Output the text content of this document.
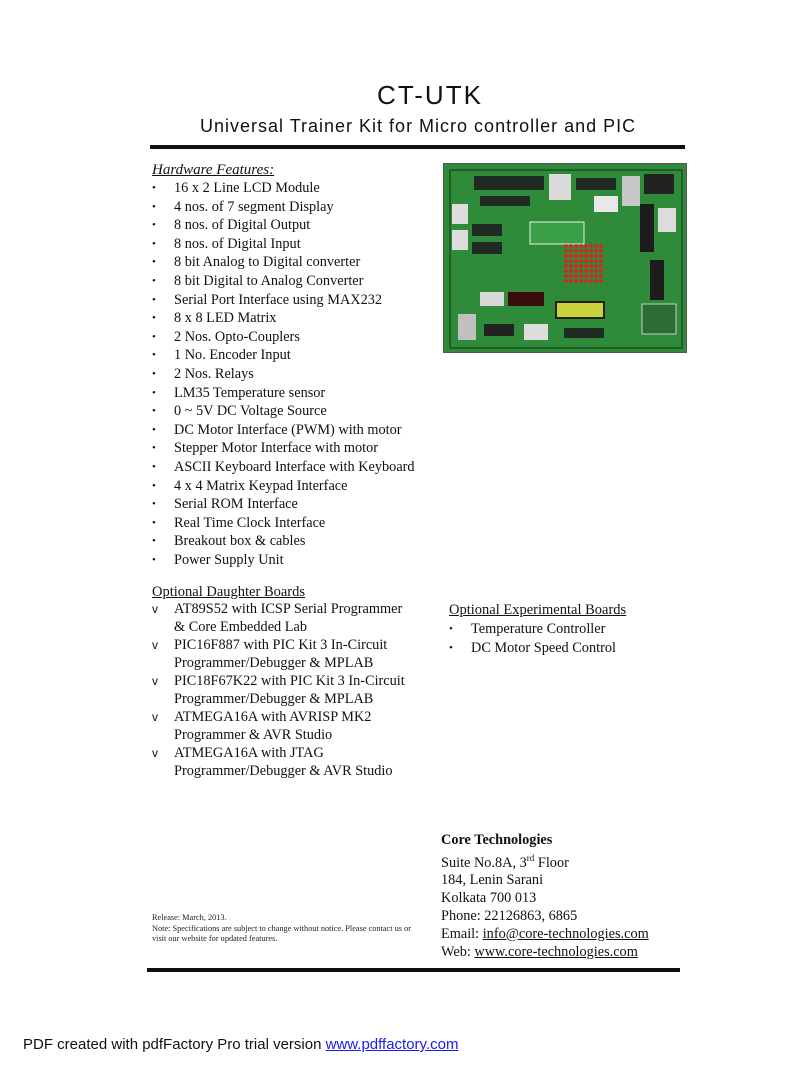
CT-UTK
Universal Trainer Kit for Micro controller and PIC
Hardware Features:
• 16 x 2 Line LCD Module
• 4 nos. of 7 segment Display
• 8 nos. of Digital Output
• 8 nos. of Digital Input
• 8 bit Analog to Digital converter
• 8 bit Digital to Analog Converter
• Serial Port Interface using MAX232
• 8 x 8 LED Matrix
• 2 Nos. Opto-Couplers
• 1 No. Encoder Input
• 2 Nos. Relays
• LM35 Temperature sensor
• 0 ~ 5V DC Voltage Source
• DC Motor Interface (PWM) with motor
• Stepper Motor Interface with motor
• ASCII Keyboard Interface with Keyboard
• 4 x 4 Matrix Keypad Interface
• Serial ROM Interface
• Real Time Clock Interface
• Breakout box & cables
• Power Supply Unit
Optional Daughter Boards
v AT89S52 with ICSP Serial Programmer
& Core Embedded Lab
v PIC16F887 with PIC Kit 3 In-Circuit
Programmer/Debugger & MPLAB
v PIC18F67K22 with PIC Kit 3 In-Circuit
Programmer/Debugger & MPLAB
v ATMEGA16A with AVRISP MK2
Programmer & AVR Studio
v ATMEGA16A with JTAG
Programmer/Debugger & AVR Studio
Optional Experimental Boards
• Temperature Controller
• DC Motor Speed Control
Core Technologies
Suite No.8A, 3rd Floor
184, Lenin Sarani
Kolkata 700 013
Phone: 22126863, 6865
Email: info@core-technologies.com
Web: www.core-technologies.com
Release: March, 2013.
Note: Specifications are subject to change without notice. Please contact us or visit our website for updated features.
PDF created with pdfFactory Pro trial version www.pdffactory.com
